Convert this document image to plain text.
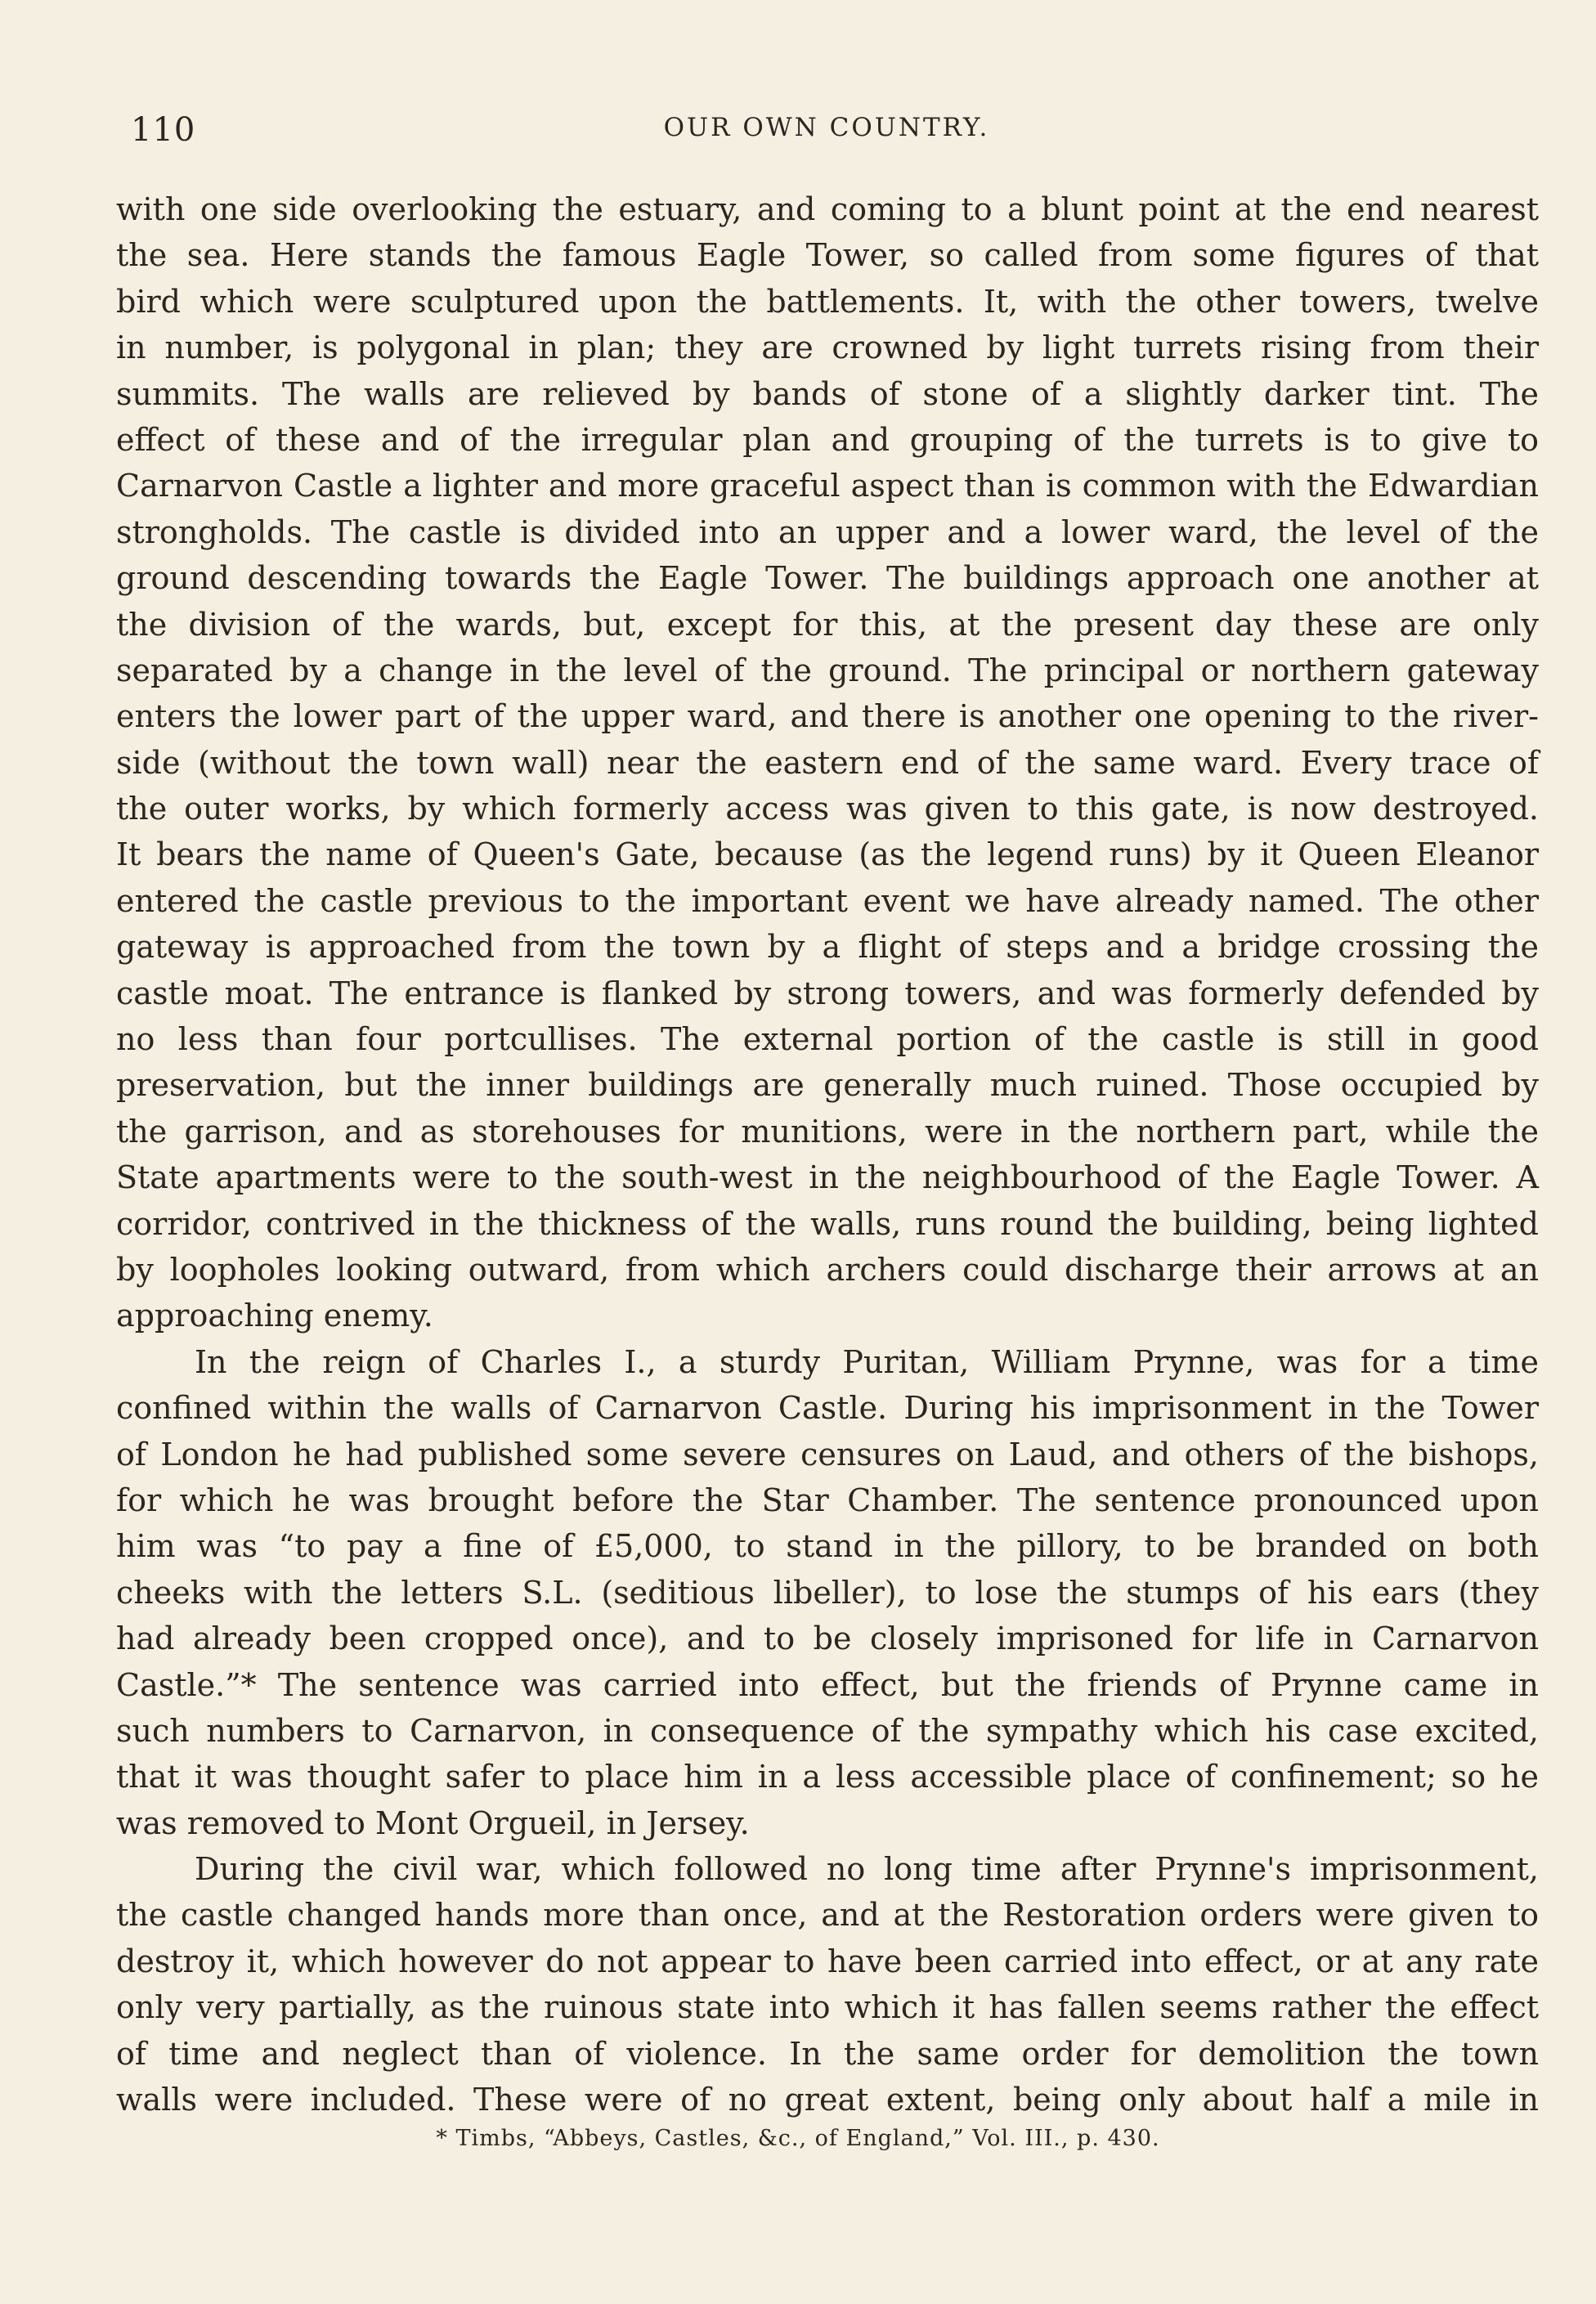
110	OUR OWN COUNTRY.
with one side overlooking the estuary, and coming to a blunt point at the end nearest
the sea. Here stands the famous Eagle Tower, so called from some figures of that
bird which were sculptured upon the battlements. It, with the other towers, twelve
in number, is polygonal in plan; they are crowned by light turrets rising from their
summits. The walls are relieved by bands of stone of a slightly darker tint. The
effect of these and of the irregular plan and grouping of the turrets is to give to
Carnarvon Castle a lighter and more graceful aspect than is common with the Edwardian
strongholds. The castle is divided into an upper and a lower ward, the level of the
ground descending towards the Eagle Tower. The buildings approach one another at
the division of the wards, but, except for this, at the present day these are only
separated by a change in the level of the ground. The principal or northern gateway
enters the lower part of the upper ward, and there is another one opening to the river-
side (without the town wall) near the eastern end of the same ward. Every trace of
the outer works, by which formerly access was given to this gate, is now destroyed.
It bears the name of Queen's Gate, because (as the legend runs) by it Queen Eleanor
entered the castle previous to the important event we have already named. The other
gateway is approached from the town by a flight of steps and a bridge crossing the
castle moat. The entrance is flanked by strong towers, and was formerly defended by
no less than four portcullises. The external portion of the castle is still in good
preservation, but the inner buildings are generally much ruined. Those occupied by
the garrison, and as storehouses for munitions, were in the northern part, while the
State apartments were to the south-west in the neighbourhood of the Eagle Tower. A
corridor, contrived in the thickness of the walls, runs round the building, being lighted
by loopholes looking outward, from which archers could discharge their arrows at an
approaching enemy.
In the reign of Charles I., a sturdy Puritan, William Prynne, was for a time
confined within the walls of Carnarvon Castle. During his imprisonment in the Tower
of London he had published some severe censures on Laud, and others of the bishops,
for which he was brought before the Star Chamber. The sentence pronounced upon
him was “to pay a fine of £5,000, to stand in the pillory, to be branded on both
cheeks with the letters S.L. (seditious libeller), to lose the stumps of his ears (they
had already been cropped once), and to be closely imprisoned for life in Carnarvon
Castle.”* The sentence was carried into effect, but the friends of Prynne came in
such numbers to Carnarvon, in consequence of the sympathy which his case excited,
that it was thought safer to place him in a less accessible place of confinement; so he
was removed to Mont Orgueil, in Jersey.
During the civil war, which followed no long time after Prynne's imprisonment,
the castle changed hands more than once, and at the Restoration orders were given to
destroy it, which however do not appear to have been carried into effect, or at any rate
only very partially, as the ruinous state into which it has fallen seems rather the effect
of time and neglect than of violence. In the same order for demolition the town
walls were included. These were of no great extent, being only about half a mile in
* Timbs, “Abbeys, Castles, &c., of England,” Vol. III., p. 430.
